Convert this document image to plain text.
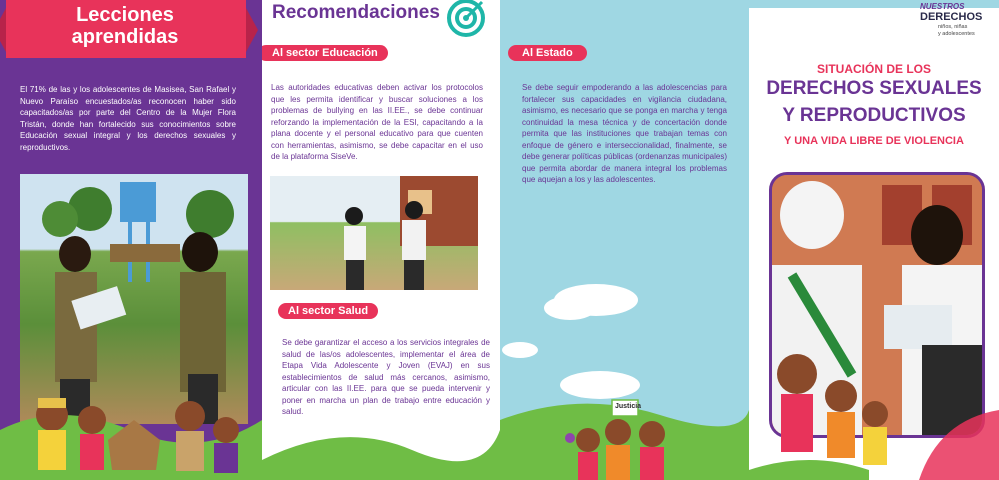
Lecciones aprendidas
El 71% de las y los adolescentes de Masisea, San Rafael y Nuevo Paraíso encuestados/as reconocen haber sido capacitados/as por parte del Centro de la Mujer Flora Tristán, donde han fortalecido sus conocimientos sobre Educación sexual integral y los derechos sexuales y reproductivos.
Recomendaciones
Al sector Educación
Las autoridades educativas deben activar los protocolos que les permita identificar y buscar soluciones a los problemas de bullying en las II.EE., se debe continuar reforzando la implementación de la ESI, capacitando a la plana docente y el personal educativo para que cuenten con herramientas, asimismo, se debe capacitar en el uso de la plataforma SiseVe.
Al sector Salud
Se debe garantizar el acceso a los servicios integrales de salud de las/os adolescentes, implementar el área de Etapa Vida Adolescente y Joven (EVAJ) en sus establecimientos de salud más cercanos, asimismo, articular con las II.EE. para que se pueda intervenir y poner en marcha un plan de trabajo entre educación y salud.
Al Estado
Se debe seguir empoderando a las adolescencias para fortalecer sus capacidades en vigilancia ciudadana, asimismo, es necesario que se ponga en marcha y tenga continuidad la mesa técnica y de concertación donde permita que las instituciones que trabajan temas con enfoque de género e interseccionalidad, finalmente, se debe generar políticas públicas (ordenanzas municipales) que permita abordar de manera integral los problemas que aquejan a los y las adolescentes.
Justicia
NUESTROS
DERECHOS
niños, niñas
y adolescentes
SITUACIÓN DE LOS
DERECHOS SEXUALES
Y REPRODUCTIVOS
Y UNA VIDA LIBRE DE VIOLENCIA
